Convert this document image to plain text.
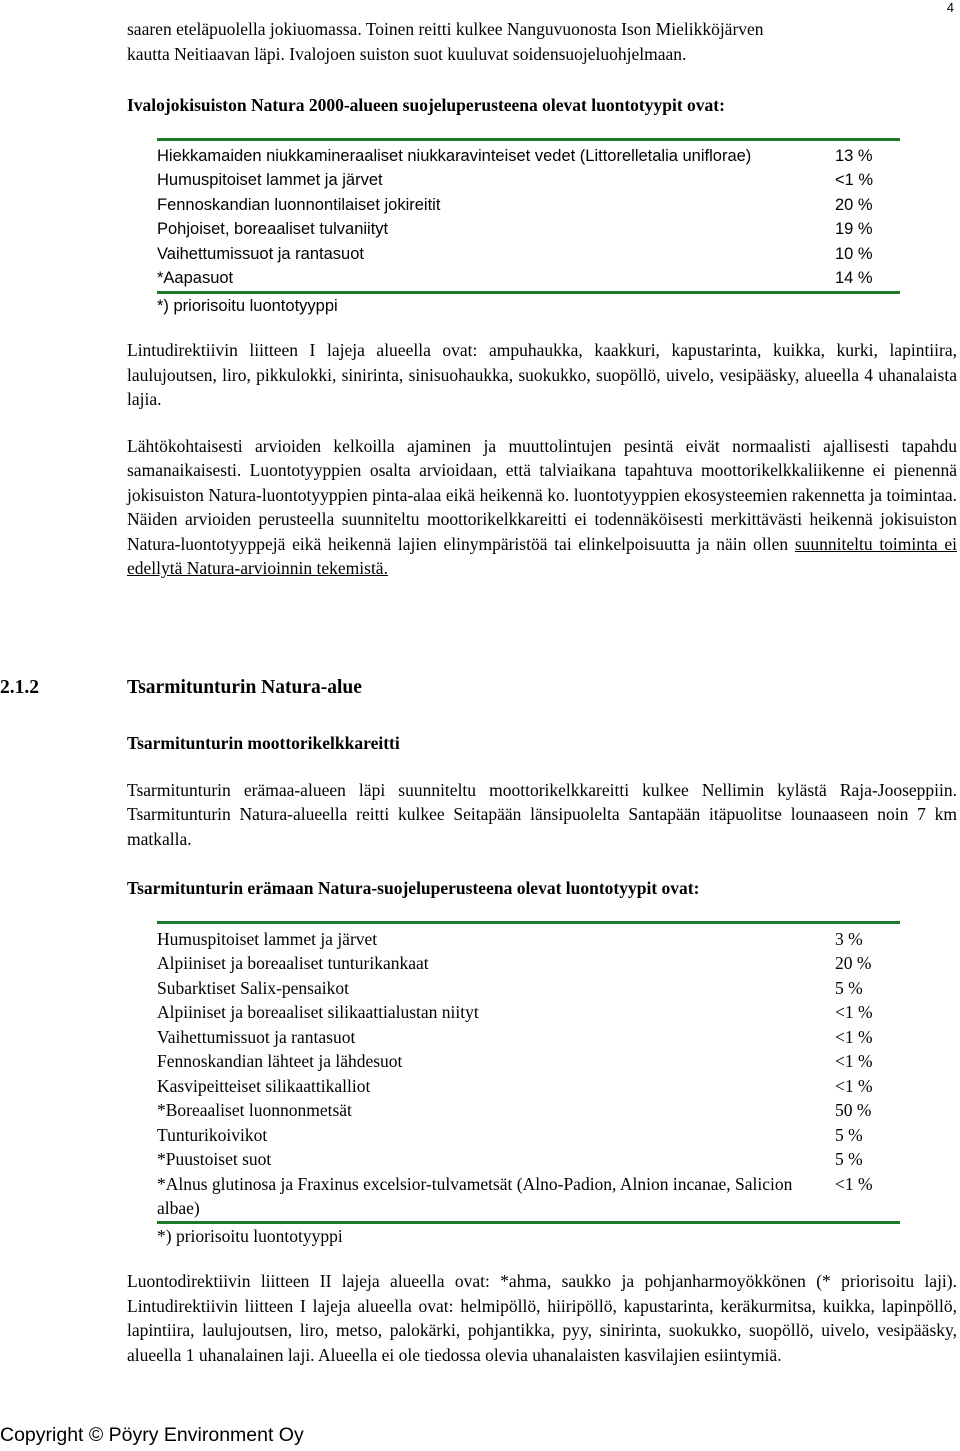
4

saaren eteläpuolella jokiuomassa. Toinen reitti kulkee Nanguvuonosta Ison Mielikköjärven

kautta Neitiaavan läpi. Ivalojoen suiston suot kuuluvat soidensuojeluohjelmaan.

Ivalojokisuiston Natura 2000-alueen suojeluperusteena olevat luontotyypit ovat:

Hiekkamaiden niukkamineraaliset niukkaravinteiset vedet (Littorelletalia uniflorae)	13 %
Humuspitoiset lammet ja järvet	<1 %
Fennoskandian luonnontilaiset jokireitit	20 %
Pohjoiset, boreaaliset tulvaniityt	19 %
Vaihettumissuot ja rantasuot	10 %
*Aapasuot	14 %
*) priorisoitu luontotyyppi	

Lintudirektiivin liitteen I lajeja alueella ovat: ampuhaukka, kaakkuri, kapustarinta, kuikka, kurki, lapintiira, laulujoutsen, liro, pikkulokki, sinirinta, sinisuohaukka, suokukko, suopöllö, uivelo, vesipääsky, alueella 4 uhanalaista lajia.

Lähtökohtaisesti arvioiden kelkoilla ajaminen ja muuttolintujen pesintä eivät normaalisti ajallisesti tapahdu samanaikaisesti. Luontotyyppien osalta arvioidaan, että talviaikana tapahtuva moottorikelkkaliikenne ei pienennä jokisuiston Natura-luontotyyppien pinta-alaa eikä heikennä ko. luontotyyppien ekosysteemien rakennetta ja toimintaa. Näiden arvioiden perusteella suunniteltu moottorikelkkareitti ei todennäköisesti merkittävästi heikennä jokisuiston Natura-luontotyyppejä eikä heikennä lajien elinympäristöä tai elinkelpoisuutta ja näin ollen suunniteltu toiminta ei edellytä Natura-arvioinnin tekemistä.

2.1.2	Tsarmitunturin Natura-alue

Tsarmitunturin moottorikelkkareitti

Tsarmitunturin erämaa-alueen läpi suunniteltu moottorikelkkareitti kulkee Nellimin kylästä Raja-Jooseppiin. Tsarmitunturin Natura-alueella reitti kulkee Seitapään länsipuolelta Santapään itäpuolitse lounaaseen noin 7 km matkalla.

Tsarmitunturin erämaan Natura-suojeluperusteena olevat luontotyypit ovat:

Humuspitoiset lammet ja järvet	3 %
Alpiiniset ja boreaaliset tunturikankaat	20 %
Subarktiset Salix-pensaikot	5 %
Alpiiniset ja boreaaliset silikaattialustan niityt	<1 %
Vaihettumissuot ja rantasuot	<1 %
Fennoskandian lähteet ja lähdesuot	<1 %
Kasvipeitteiset silikaattikalliot	<1 %
*Boreaaliset luonnonmetsät	50 %
Tunturikoivikot	5 %
*Puustoiset suot	5 %
*Alnus glutinosa ja Fraxinus excelsior-tulvametsät (Alno-Padion, Alnion incanae, Salicion albae)	<1 %
*) priorisoitu luontotyyppi	

Luontodirektiivin liitteen II lajeja alueella ovat: *ahma, saukko ja pohjanharmoyökkönen (* priorisoitu laji). Lintudirektiivin liitteen I lajeja alueella ovat: helmipöllö, hiiripöllö, kapustarinta, keräkurmitsa, kuikka, lapinpöllö, lapintiira, laulujoutsen, liro, metso, palokärki, pohjantikka, pyy, sinirinta, suokukko, suopöllö, uivelo, vesipääsky, alueella 1 uhanalainen laji. Alueella ei ole tiedossa olevia uhanalaisten kasvilajien esiintymiä.

Copyright © Pöyry Environment Oy
